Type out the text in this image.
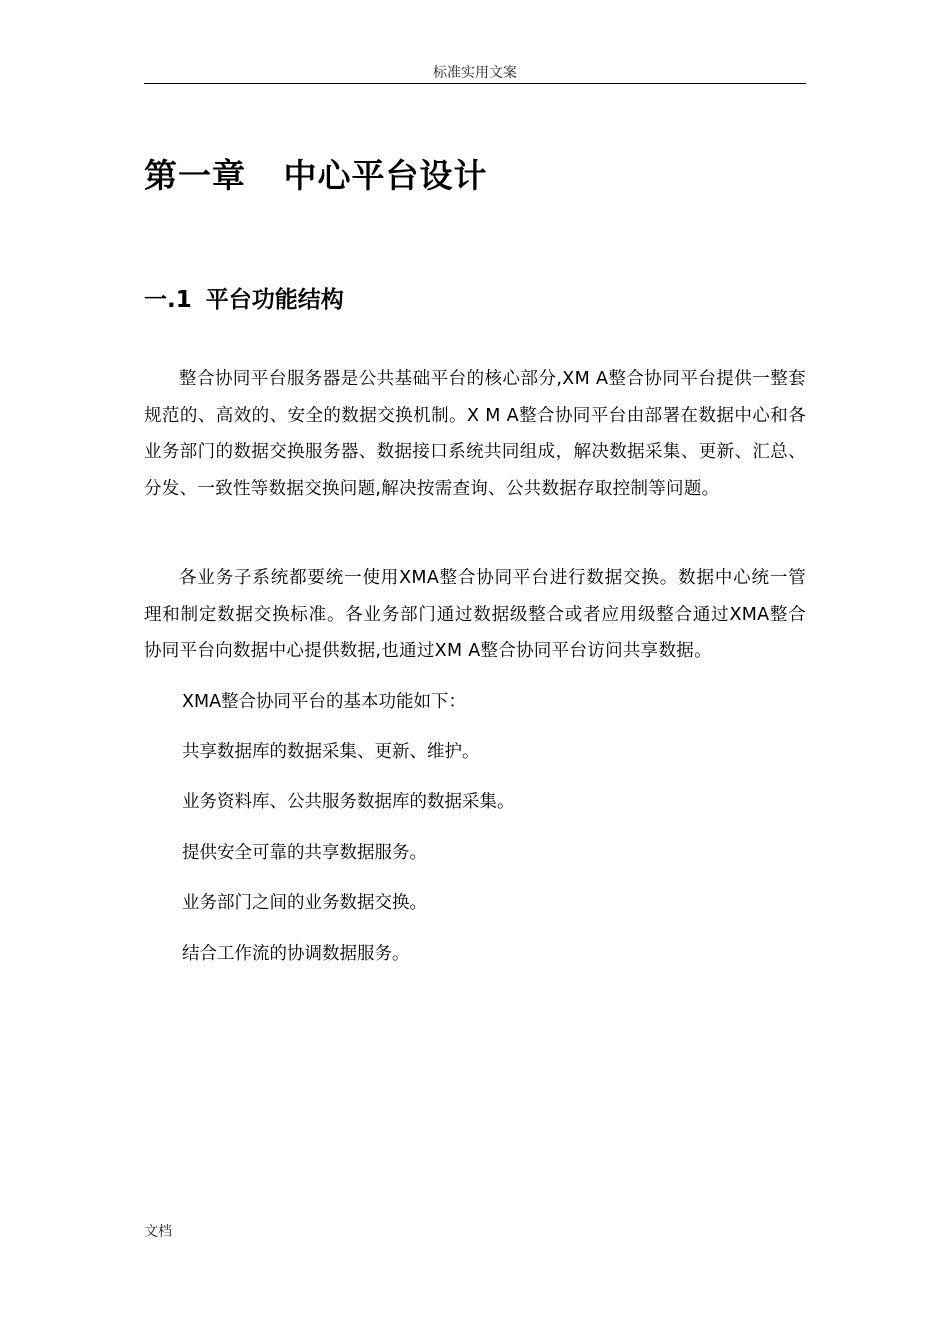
标准实用文案
第一章   中心平台设计
一.1 平台功能结构

整合协同平台服务器是公共基础平台的核心部分,XM A整合协同平台提供一整套规范的、高效的、安全的数据交换机制。X M A整合协同平台由部署在数据中心和各业务部门的数据交换服务器、数据接口系统共同组成，解决数据采集、更新、汇总、分发、一致性等数据交换问题,解决按需查询、公共数据存取控制等问题。

各业务子系统都要统一使用XMA整合协同平台进行数据交换。数据中心统一管理和制定数据交换标准。各业务部门通过数据级整合或者应用级整合通过XMA整合协同平台向数据中心提供数据,也通过XM A整合协同平台访问共享数据。

XMA整合协同平台的基本功能如下：
共享数据库的数据采集、更新、维护。
业务资料库、公共服务数据库的数据采集。
提供安全可靠的共享数据服务。
业务部门之间的业务数据交换。
结合工作流的协调数据服务。
文档
